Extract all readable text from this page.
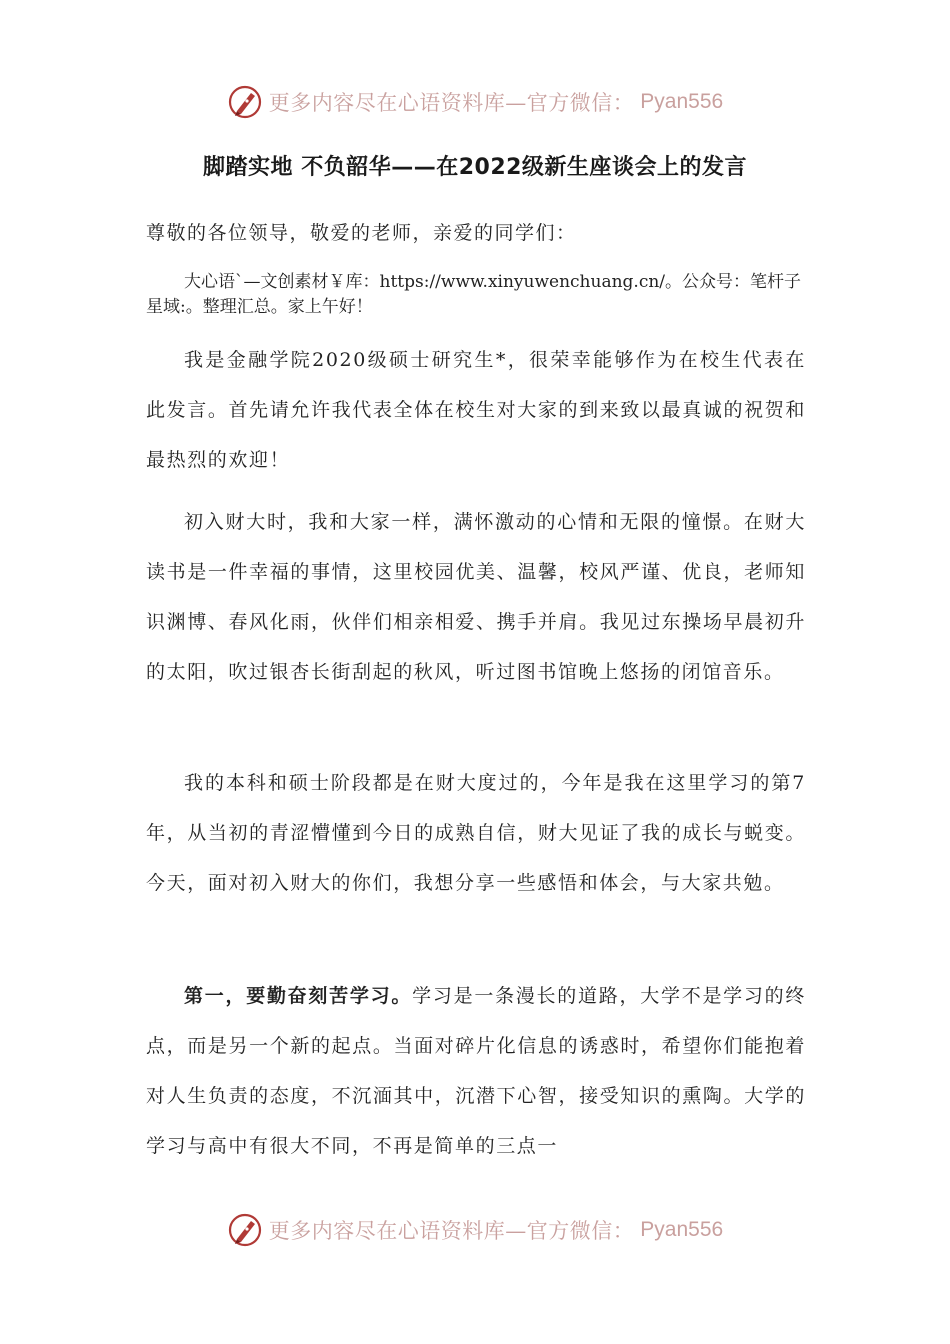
更多内容尽在心语资料库—官方微信： Pyan556
脚踏实地 不负韶华——在2022级新生座谈会上的发言
尊敬的各位领导，敬爱的老师，亲爱的同学们：
大心语`—文创素材￥库：https://www.xinyuwenchuang.cn/。公众号：笔杆子星域:。整理汇总。家上午好！

我是金融学院2020级硕士研究生*，很荣幸能够作为在校生代表在此发言。首先请允许我代表全体在校生对大家的到来致以最真诚的祝贺和最热烈的欢迎！

初入财大时，我和大家一样，满怀激动的心情和无限的憧憬。在财大读书是一件幸福的事情，这里校园优美、温馨，校风严谨、优良，老师知识渊博、春风化雨，伙伴们相亲相爱、携手并肩。我见过东操场早晨初升的太阳，吹过银杏长街刮起的秋风，听过图书馆晚上悠扬的闭馆音乐。

我的本科和硕士阶段都是在财大度过的，今年是我在这里学习的第7年，从当初的青涩懵懂到今日的成熟自信，财大见证了我的成长与蜕变。今天，面对初入财大的你们，我想分享一些感悟和体会，与大家共勉。

第一，要勤奋刻苦学习。学习是一条漫长的道路，大学不是学习的终点，而是另一个新的起点。当面对碎片化信息的诱惑时，希望你们能抱着对人生负责的态度，不沉湎其中，沉潜下心智，接受知识的熏陶。大学的学习与高中有很大不同，不再是简单的三点一

更多内容尽在心语资料库—官方微信： Pyan556
